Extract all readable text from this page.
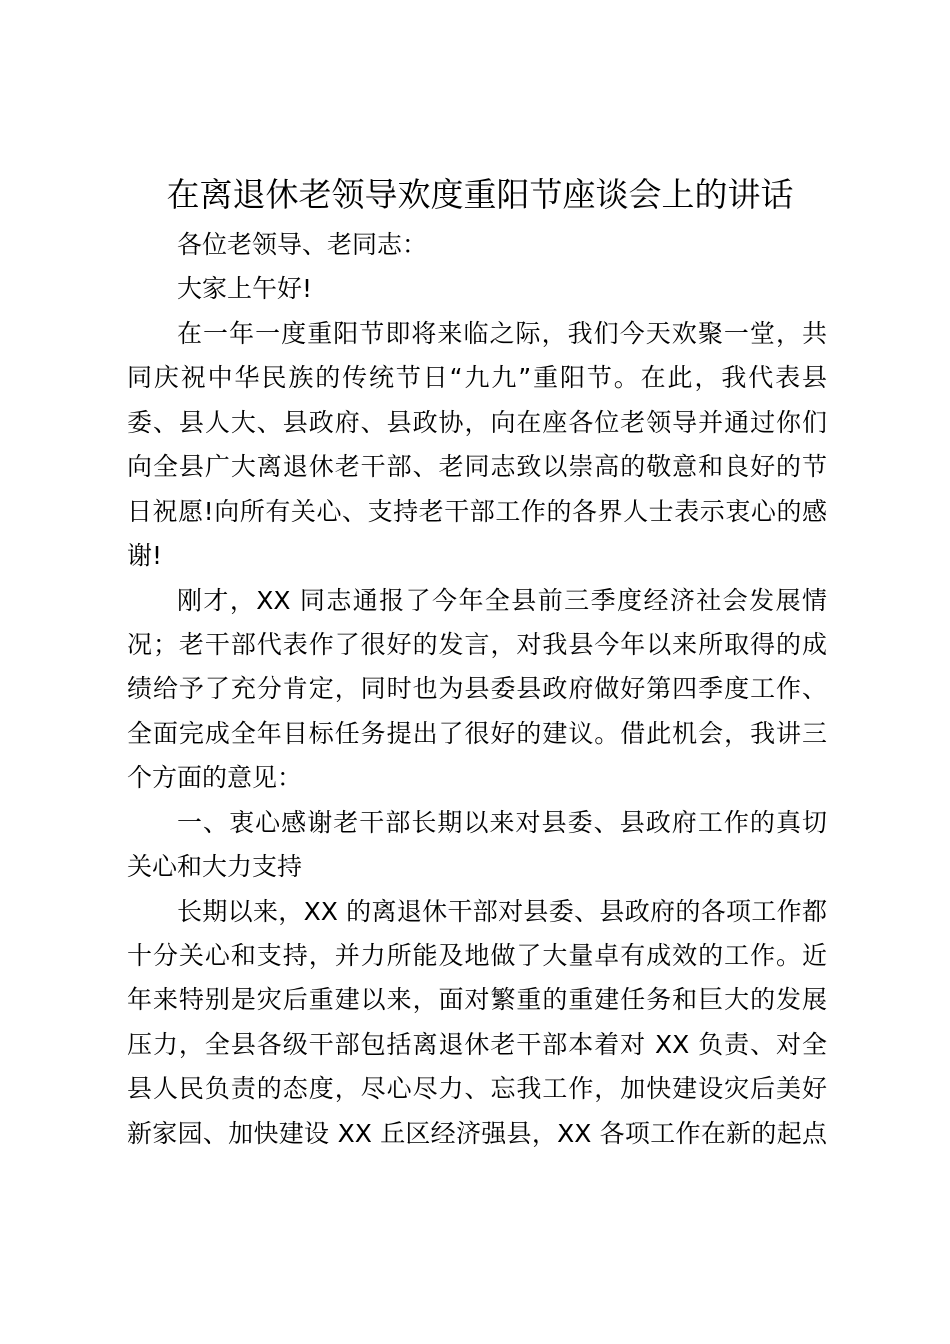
在离退休老领导欢度重阳节座谈会上的讲话
各位老领导、老同志：
大家上午好!
在一年一度重阳节即将来临之际，我们今天欢聚一堂，共
同庆祝中华民族的传统节日“九九”重阳节。在此，我代表县
委、县人大、县政府、县政协，向在座各位老领导并通过你们
向全县广大离退休老干部、老同志致以崇高的敬意和良好的节
日祝愿!向所有关心、支持老干部工作的各界人士表示衷心的感
谢!
刚才，XX 同志通报了今年全县前三季度经济社会发展情
况；老干部代表作了很好的发言，对我县今年以来所取得的成
绩给予了充分肯定，同时也为县委县政府做好第四季度工作、
全面完成全年目标任务提出了很好的建议。借此机会，我讲三
个方面的意见：
一、衷心感谢老干部长期以来对县委、县政府工作的真切
关心和大力支持
长期以来，XX 的离退休干部对县委、县政府的各项工作都
十分关心和支持，并力所能及地做了大量卓有成效的工作。近
年来特别是灾后重建以来，面对繁重的重建任务和巨大的发展
压力，全县各级干部包括离退休老干部本着对 XX 负责、对全
县人民负责的态度，尽心尽力、忘我工作，加快建设灾后美好
新家园、加快建设 XX 丘区经济强县，XX 各项工作在新的起点
